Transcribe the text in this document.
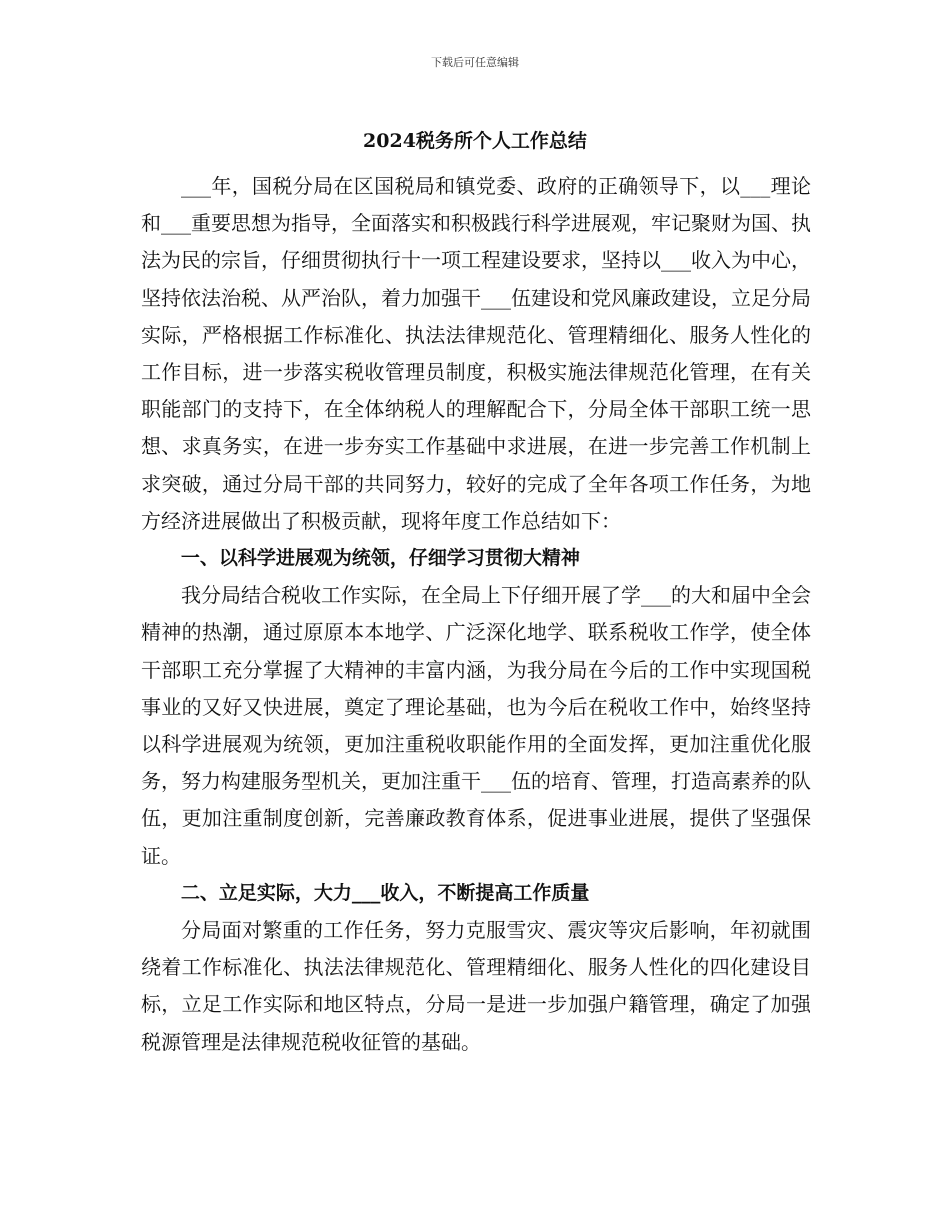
下载后可任意编辑
2024税务所个人工作总结

___年，国税分局在区国税局和镇党委、政府的正确领导下，以___理论和___重要思想为指导，全面落实和积极践行科学进展观，牢记聚财为国、执法为民的宗旨，仔细贯彻执行十一项工程建设要求，坚持以___收入为中心，坚持依法治税、从严治队，着力加强干___伍建设和党风廉政建设，立足分局实际，严格根据工作标准化、执法法律规范化、管理精细化、服务人性化的工作目标，进一步落实税收管理员制度，积极实施法律规范化管理，在有关职能部门的支持下，在全体纳税人的理解配合下，分局全体干部职工统一思想、求真务实，在进一步夯实工作基础中求进展，在进一步完善工作机制上求突破，通过分局干部的共同努力，较好的完成了全年各项工作任务，为地方经济进展做出了积极贡献，现将年度工作总结如下：

一、以科学进展观为统领，仔细学习贯彻大精神

我分局结合税收工作实际，在全局上下仔细开展了学___的大和届中全会精神的热潮，通过原原本本地学、广泛深化地学、联系税收工作学，使全体干部职工充分掌握了大精神的丰富内涵，为我分局在今后的工作中实现国税事业的又好又快进展，奠定了理论基础，也为今后在税收工作中，始终坚持以科学进展观为统领，更加注重税收职能作用的全面发挥，更加注重优化服务，努力构建服务型机关，更加注重干___伍的培育、管理，打造高素养的队伍，更加注重制度创新，完善廉政教育体系，促进事业进展，提供了坚强保证。

二、立足实际，大力___收入，不断提高工作质量

分局面对繁重的工作任务，努力克服雪灾、震灾等灾后影响，年初就围绕着工作标准化、执法法律规范化、管理精细化、服务人性化的四化建设目标，立足工作实际和地区特点，分局一是进一步加强户籍管理，确定了加强税源管理是法律规范税收征管的基础。
